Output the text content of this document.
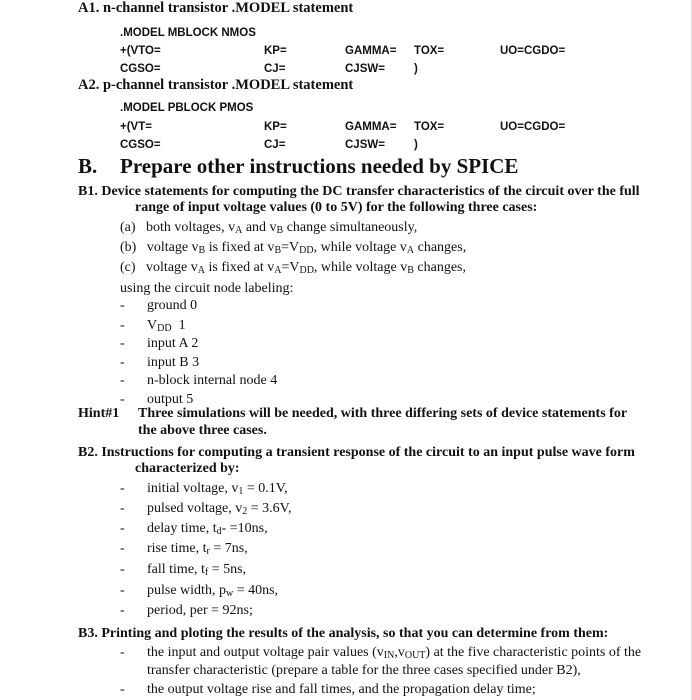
A1. n-channel transistor .MODEL statement
.MODEL MBLOCK NMOS
+(VTO=	KP=	GAMMA= TOX=	UO=CGDO=
CGSO=	CJ=	CJSW=	)
A2. p-channel transistor .MODEL statement
.MODEL PBLOCK PMOS
+(VT=	KP=	GAMMA= TOX=	UO=CGDO=
CGSO=	CJ=	CJSW=	)
B. Prepare other instructions needed by SPICE
B1. Device statements for computing the DC transfer characteristics of the circuit over the full
range of input voltage values (0 to 5V) for the following three cases:
(a) both voltages, $v_A$ and $v_B$ change simultaneously,
(b) voltage $v_B$ is fixed at $v_B=V_{DD}$, while voltage $v_A$ changes,
(c) voltage $v_A$ is fixed at $v_A=V_{DD}$, while voltage $v_B$ changes,
using the circuit node labeling:
- ground 0
- $V_{DD}$ 1
- input A 2
- input B 3
- n-block internal node 4
- output 5
Hint#1 Three simulations will be needed, with three differing sets of device statements for
the above three cases.
B2. Instructions for computing a transient response of the circuit to an input pulse wave form
characterized by:
- initial voltage, $v_1 = 0.1V$,
- pulsed voltage, $v_2 = 3.6V$,
- delay time, $t_d- =10ns$,
- rise time, $t_r = 7ns$,
- fall time, $t_f = 5ns$,
- pulse width, $p_w = 40ns$,
- period, per = 92ns;
B3. Printing and ploting the results of the analysis, so that you can determine from them:
- the input and output voltage pair values $(v_{IN},v_{OUT})$ at the five characteristic points of the
transfer characteristic (prepare a table for the three cases specified under B2),
- the output voltage rise and fall times, and the propagation delay time;
